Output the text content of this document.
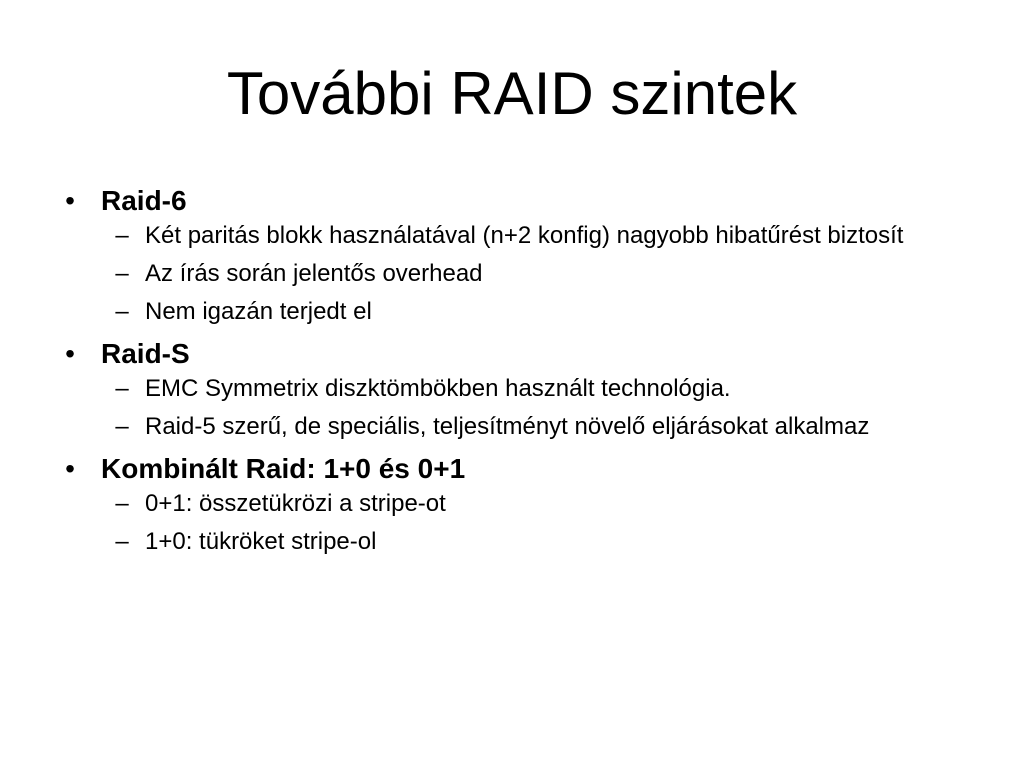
További RAID szintek

• Raid-6

– Két paritás blokk használatával (n+2 konfig) nagyobb hibatűrést biztosít

– Az írás során jelentős overhead

– Nem igazán terjedt el

• Raid-S

– EMC Symmetrix diszktömbökben használt technológia.

– Raid-5 szerű, de speciális, teljesítményt növelő eljárásokat alkalmaz

• Kombinált Raid: 1+0 és 0+1

– 0+1: összetükrözi a stripe-ot

– 1+0: tükröket stripe-ol
